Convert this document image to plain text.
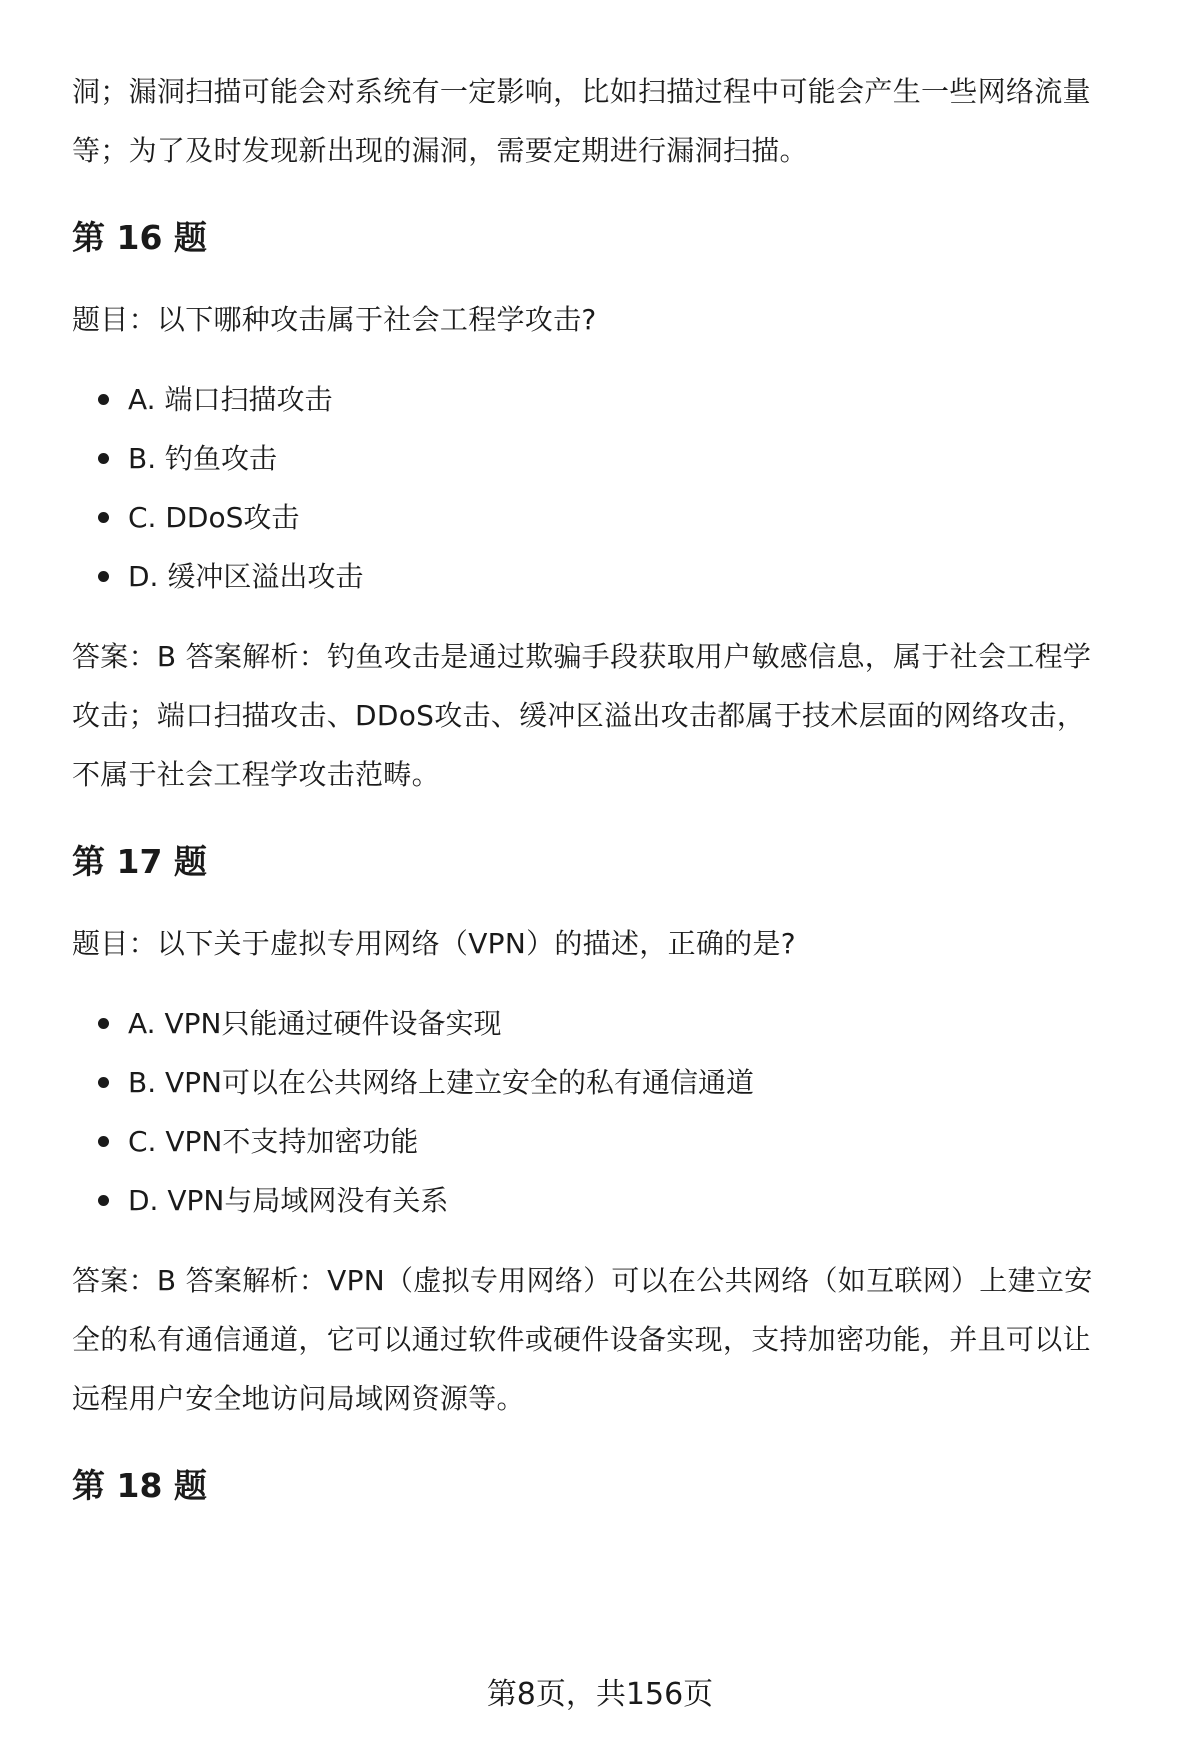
洞；漏洞扫描可能会对系统有一定影响，比如扫描过程中可能会产生一些网络流量

等；为了及时发现新出现的漏洞，需要定期进行漏洞扫描。

第 16 题

题目：以下哪种攻击属于社会工程学攻击?

A. 端口扫描攻击
B. 钓鱼攻击
C. DDoS攻击
D. 缓冲区溢出攻击

答案：B 答案解析：钓鱼攻击是通过欺骗手段获取用户敏感信息，属于社会工程学

攻击；端口扫描攻击、DDoS攻击、缓冲区溢出攻击都属于技术层面的网络攻击，

不属于社会工程学攻击范畴。

第 17 题

题目：以下关于虚拟专用网络（VPN）的描述，正确的是?

A. VPN只能通过硬件设备实现
B. VPN可以在公共网络上建立安全的私有通信通道
C. VPN不支持加密功能
D. VPN与局域网没有关系

答案：B 答案解析：VPN（虚拟专用网络）可以在公共网络（如互联网）上建立安

全的私有通信通道，它可以通过软件或硬件设备实现，支持加密功能，并且可以让

远程用户安全地访问局域网资源等。

第 18 题
第8页，共156页
